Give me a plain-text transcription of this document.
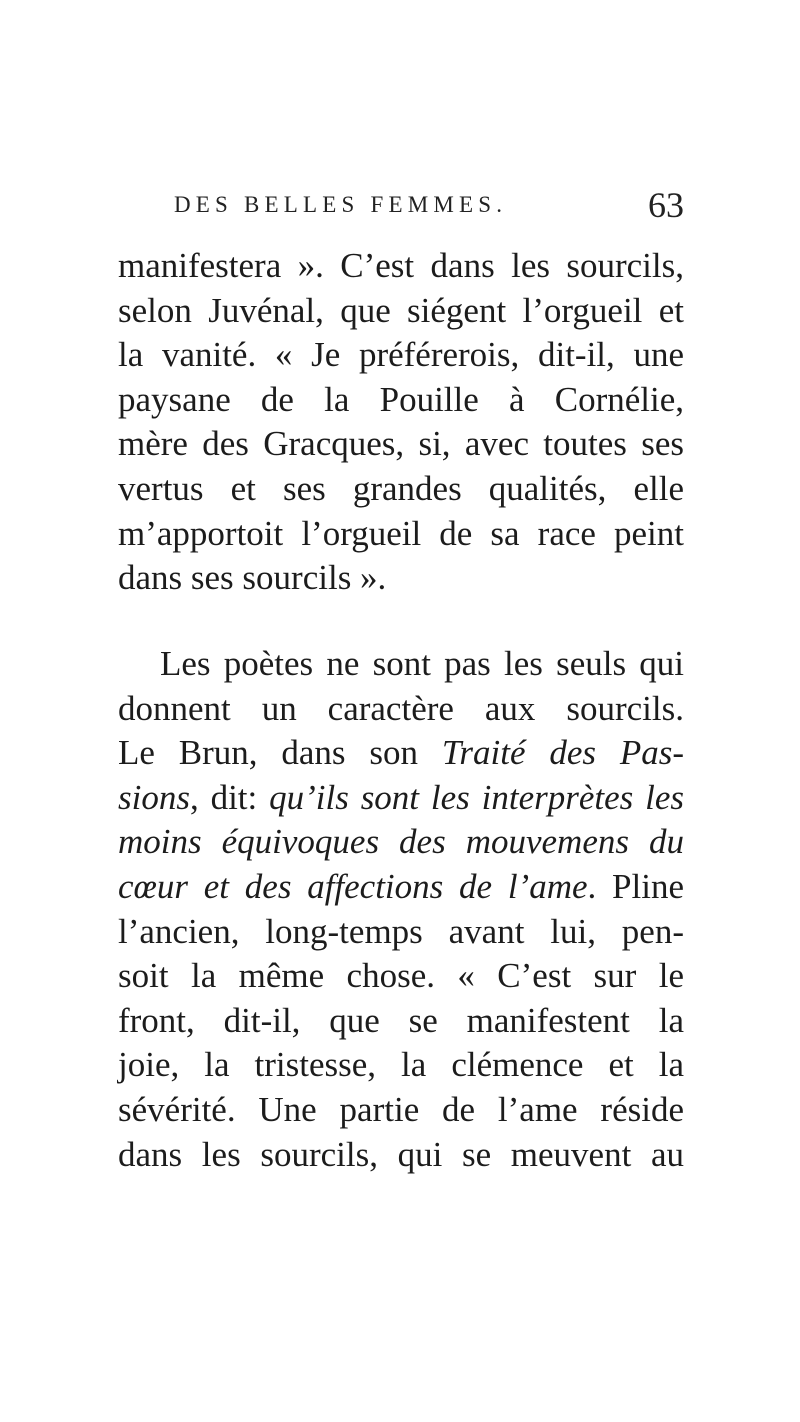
DES BELLES FEMMES.	63
manifestera ». C’est dans les sourcils,
selon Juvénal, que siégent l’orgueil et
la vanité. « Je préférerois, dit-il, une
paysane de la Pouille à Cornélie,
mère des Gracques, si, avec toutes ses
vertus et ses grandes qualités, elle
m’apportoit l’orgueil de sa race peint
dans ses sourcils ».
Les poètes ne sont pas les seuls qui
donnent un caractère aux sourcils.
Le Brun, dans son Traité des Pas-
sions, dit: qu’ils sont les interprètes les
moins équivoques des mouvemens du
cœur et des affections de l’ame. Pline
l’ancien, long-temps avant lui, pen-
soit la même chose. « C’est sur le
front, dit-il, que se manifestent la
joie, la tristesse, la clémence et la
sévérité. Une partie de l’ame réside
dans les sourcils, qui se meuvent au
